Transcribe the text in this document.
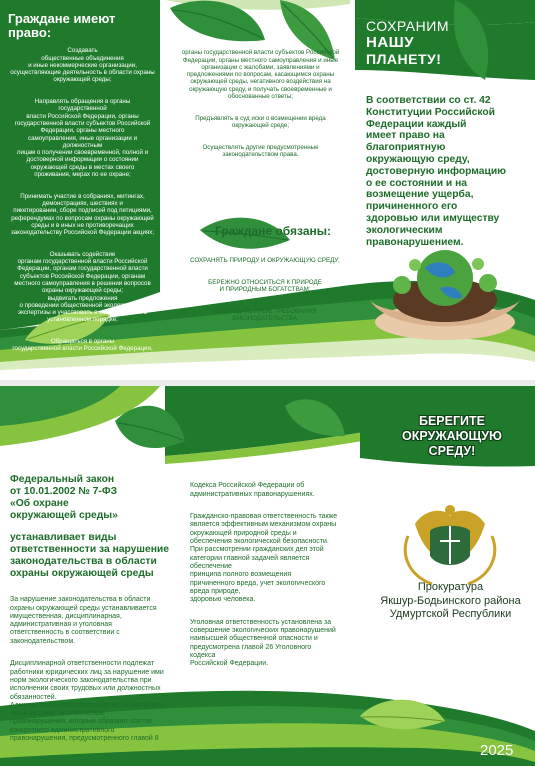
Граждане имеют
право:

Создавать
общественные объединения
и иные некоммерческие организации,
осуществляющие деятельность в области охраны
окружающей среды;

Направлять обращения в органы государственной
власти Российской Федерации, органы
государственной власти субъектов Российской
Федерации, органы местного
самоуправления, иные организации и должностным
лицам о получении своевременной, полной и
достоверной информации о состоянии
окружающей среды в местах своего
проживания, мерах по ее охране;

Принимать участие в собраниях, митингах,
демонстрациях, шествиях и
пикетировании, сборе подписей под петициями,
референдумах по вопросам охраны окружающей
среды и в иных не противоречащих
законодательству Российской Федерации акциях;

Оказывать содействие
органам государственной власти Российской
Федерации, органам государственной власти
субъектов Российской Федерации, органам
местного самоуправления в решении вопросов
охраны окружающей среды;
выдвигать предложения
о проведении общественной экологической
экспертизы и участвовать в ее проведении в
установленном порядке;

Обращаться в органы
государственной власти Российской Федерации,

органы государственной власти субъектов Российской
Федерации, органы местного самоуправления и иные
организации с жалобами, заявлениями и
предложениями по вопросам, касающимся охраны
окружающей среды, негативного воздействия на
окружающую среду, и получать своевременные и
обоснованные ответы;

Предъявлять в суд иски о возмещении вреда
окружающей среде;

Осуществлять другие предусмотренные
законодательством права.

Граждане обязаны:

СОХРАНЯТЬ ПРИРОДУ И ОКРУЖАЮЩУЮ СРЕДУ;

БЕРЕЖНО ОТНОСИТЬСЯ К ПРИРОДЕ
И ПРИРОДНЫМ БОГАТСТВАМ;

СОБЛЮДАТЬ ИНЫЕ ТРЕБОВАНИЯ
ЗАКОНОДАТЕЛЬСТВА.

СОХРАНИМ
НАШУ
ПЛАНЕТУ!
В соответствии со ст. 42
Конституции Российской
Федерации каждый
имеет право на
благоприятную
окружающую среду,
достоверную информацию
о ее состоянии и на
возмещение ущерба,
причиненного его
здоровью или имуществу
экологическим
правонарушением.
БЕРЕГИТЕ
ОКРУЖАЮЩУЮ
СРЕДУ!
Федеральный закон
от 10.01.2002 № 7-ФЗ
«Об охране
окружающей среды»
устанавливает виды
ответственности за нарушение
законодательства в области
охраны окружающей среды

За нарушение законодательства в области
охраны окружающей среды устанавливается
имущественная, дисциплинарная,
административная и уголовная
ответственность в соответствии с
законодательством.

Дисциплинарной ответственности подлежат
работники юридических лиц за нарушение ими
норм экологического законодательства при
исполнении своих трудовых или должностных
обязанностей.
Административная ответственность наступает
лишь за такие экологические
правонарушения, которые образуют состав
конкретного административного
правонарушения, предусмотренного главой 8

Кодекса Российской Федерации об
административных правонарушениях.

Гражданско-правовая ответственность также
является эффективным механизмом охраны
окружающей природной среды и
обеспечения экологической безопасности.
При рассмотрении гражданских дел этой
категории главной задачей является
обеспечение
принципа полного возмещения
причиненного вреда, учет экологического
вреда природе,
здоровью человека.

Уголовная ответственность установлена за
совершение экологических правонарушений
наивысшей общественной опасности и
предусмотрена главой 26 Уголовного
кодекса
Российской Федерации.

Прокуратура
Якшур-Бодьинского района
Удмуртской Республики
2025
